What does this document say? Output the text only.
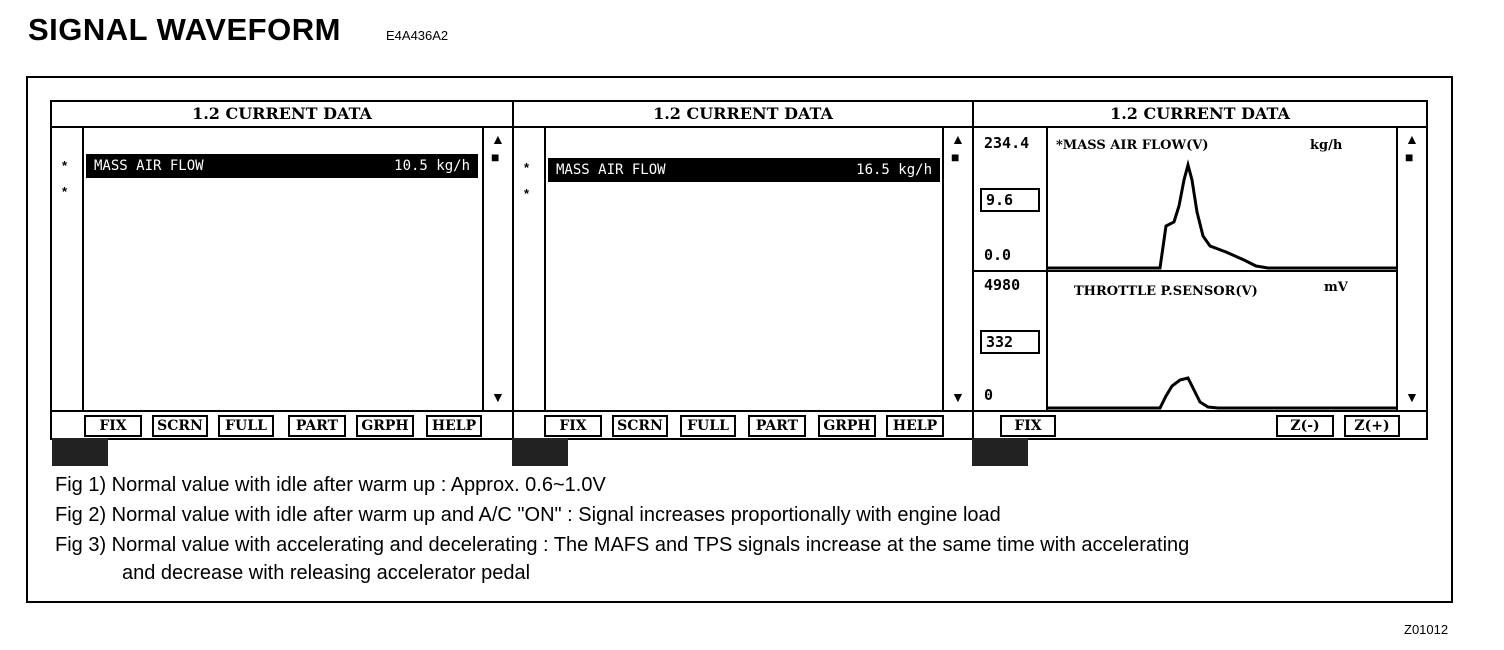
SIGNAL WAVEFORM	E4A436A2
1.2 CURRENT DATA
*
*
MASS AIR FLOW	10.5 kg/h
▲
■
▼
FIX	SCRN	FULL	PART	GRPH	HELP
1.2 CURRENT DATA
*
*
MASS AIR FLOW	16.5 kg/h
▲
■
▼
FIX	SCRN	FULL	PART	GRPH	HELP
1.2 CURRENT DATA
234.4
9.6
0.0
4980
332
0
*MASS AIR FLOW(V)	kg/h
THROTTLE P.SENSOR(V)	mV
▲
■
▼
FIX	Z(-)	Z(+)
Fig 1) Normal value with idle after warm up : Approx. 0.6~1.0V
Fig 2) Normal value with idle after warm up and A/C "ON" : Signal increases proportionally with engine load
Fig 3) Normal value with accelerating and decelerating : The MAFS and TPS signals increase at the same time with accelerating
and decrease with releasing accelerator pedal
Z01012
